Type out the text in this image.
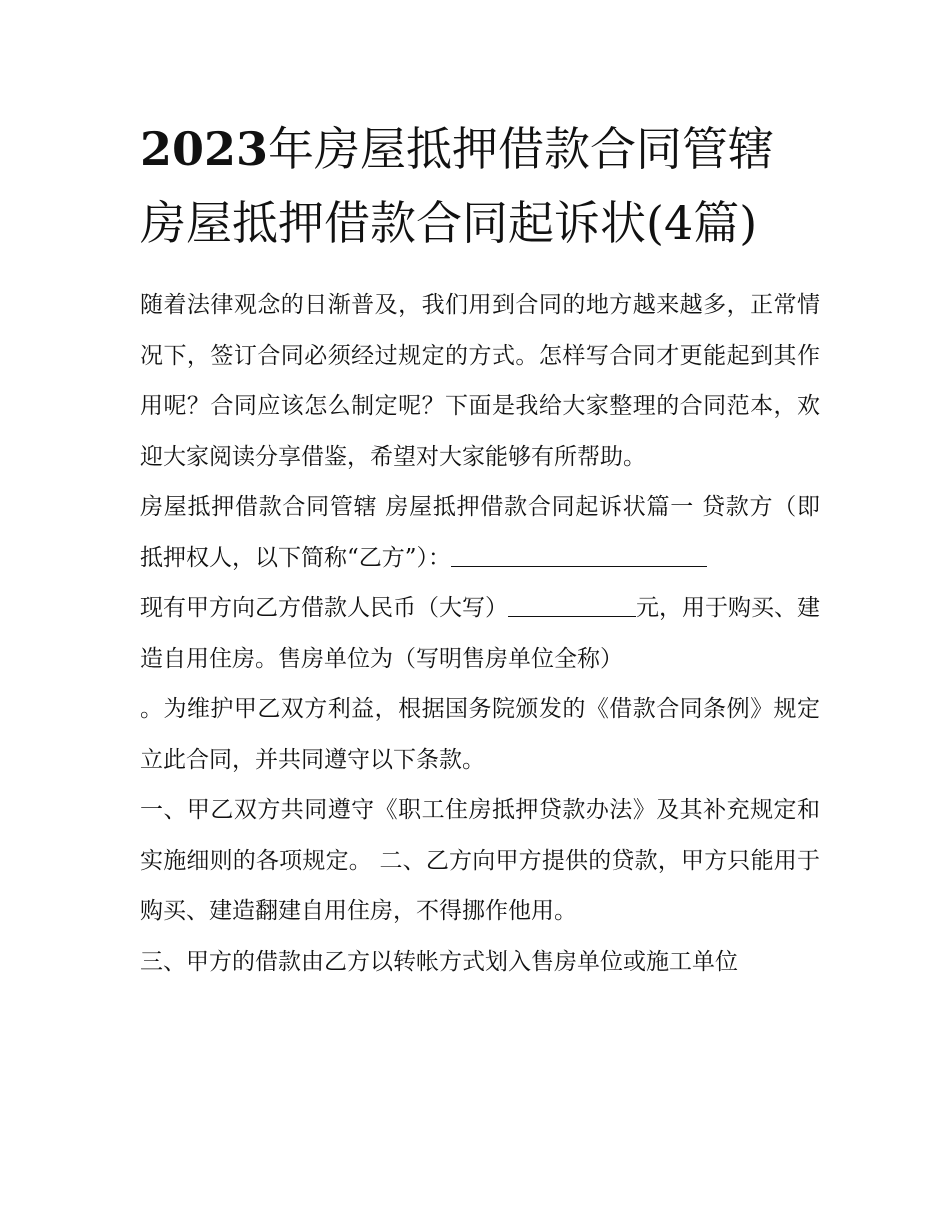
2023年房屋抵押借款合同管辖房屋抵押借款合同起诉状(4篇)

随着法律观念的日渐普及，我们用到合同的地方越来越多，正常情况下，签订合同必须经过规定的方式。怎样写合同才更能起到其作用呢？合同应该怎么制定呢？下面是我给大家整理的合同范本，欢迎大家阅读分享借鉴，希望对大家能够有所帮助。

房屋抵押借款合同管辖 房屋抵押借款合同起诉状篇一 贷款方（即抵押权人，以下简称“乙方”）：
现有甲方向乙方借款人民币（大写）	元，用于购买、建造自用住房。售房单位为（写明售房单位全称）

。为维护甲乙双方利益，根据国务院颁发的《借款合同条例》规定立此合同，并共同遵守以下条款。

一、甲乙双方共同遵守《职工住房抵押贷款办法》及其补充规定和实施细则的各项规定。 二、乙方向甲方提供的贷款，甲方只能用于购买、建造翻建自用住房，不得挪作他用。

三、甲方的借款由乙方以转帐方式划入售房单位或施工单位
